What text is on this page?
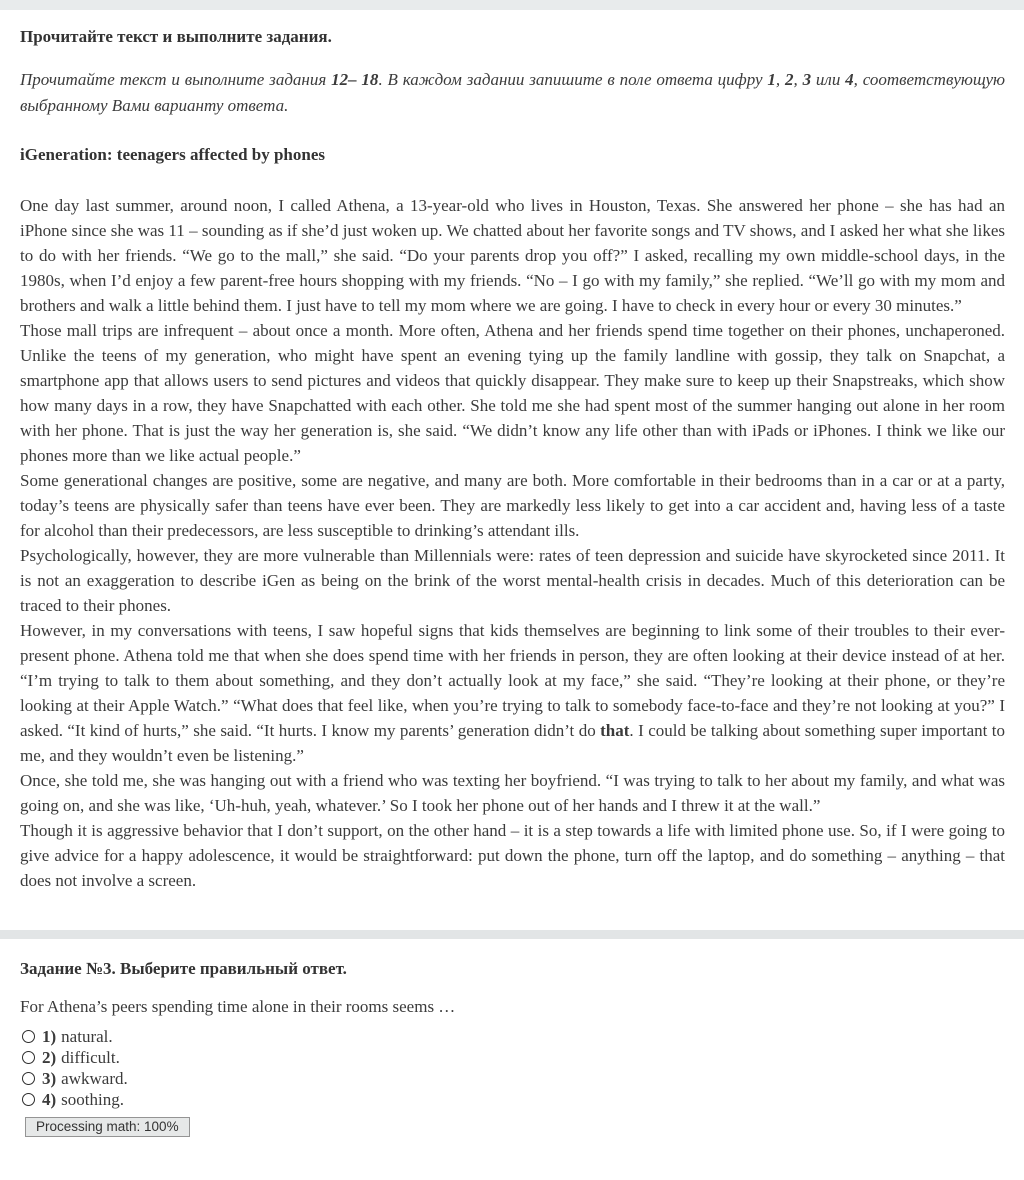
Прочитайте текст и выполните задания.

Прочитайте текст и выполните задания 12– 18. В каждом задании запишите в поле ответа цифру 1, 2, 3 или 4, соответствующую выбранному Вами варианту ответа.

iGeneration: teenagers affected by phones

One day last summer, around noon, I called Athena, a 13-year-old who lives in Houston, Texas. She answered her phone – she has had an iPhone since she was 11 – sounding as if she’d just woken up. We chatted about her favorite songs and TV shows, and I asked her what she likes to do with her friends. “We go to the mall,” she said. “Do your parents drop you off?” I asked, recalling my own middle-school days, in the 1980s, when I’d enjoy a few parent-free hours shopping with my friends. “No – I go with my family,” she replied. “We’ll go with my mom and brothers and walk a little behind them. I just have to tell my mom where we are going. I have to check in every hour or every 30 minutes.”

Those mall trips are infrequent – about once a month. More often, Athena and her friends spend time together on their phones, unchaperoned. Unlike the teens of my generation, who might have spent an evening tying up the family landline with gossip, they talk on Snapchat, a smartphone app that allows users to send pictures and videos that quickly disappear. They make sure to keep up their Snapstreaks, which show how many days in a row, they have Snapchatted with each other. She told me she had spent most of the summer hanging out alone in her room with her phone. That is just the way her generation is, she said. “We didn’t know any life other than with iPads or iPhones. I think we like our phones more than we like actual people.”

Some generational changes are positive, some are negative, and many are both. More comfortable in their bedrooms than in a car or at a party, today’s teens are physically safer than teens have ever been. They are markedly less likely to get into a car accident and, having less of a taste for alcohol than their predecessors, are less susceptible to drinking’s attendant ills.

Psychologically, however, they are more vulnerable than Millennials were: rates of teen depression and suicide have skyrocketed since 2011. It is not an exaggeration to describe iGen as being on the brink of the worst mental-health crisis in decades. Much of this deterioration can be traced to their phones.

However, in my conversations with teens, I saw hopeful signs that kids themselves are beginning to link some of their troubles to their ever-present phone. Athena told me that when she does spend time with her friends in person, they are often looking at their device instead of at her. “I’m trying to talk to them about something, and they don’t actually look at my face,” she said. “They’re looking at their phone, or they’re looking at their Apple Watch.” “What does that feel like, when you’re trying to talk to somebody face-to-face and they’re not looking at you?” I asked. “It kind of hurts,” she said. “It hurts. I know my parents’ generation didn’t do that. I could be talking about something super important to me, and they wouldn’t even be listening.”

Once, she told me, she was hanging out with a friend who was texting her boyfriend. “I was trying to talk to her about my family, and what was going on, and she was like, ‘Uh-huh, yeah, whatever.’ So I took her phone out of her hands and I threw it at the wall.”

Though it is aggressive behavior that I don’t support, on the other hand – it is a step towards a life with limited phone use. So, if I were going to give advice for a happy adolescence, it would be straightforward: put down the phone, turn off the laptop, and do something – anything – that does not involve a screen.

Задание №3. Выберите правильный ответ.

For Athena’s peers spending time alone in their rooms seems …

1) natural.
2) difficult.
3) awkward.
4) soothing.
Processing math: 100%
